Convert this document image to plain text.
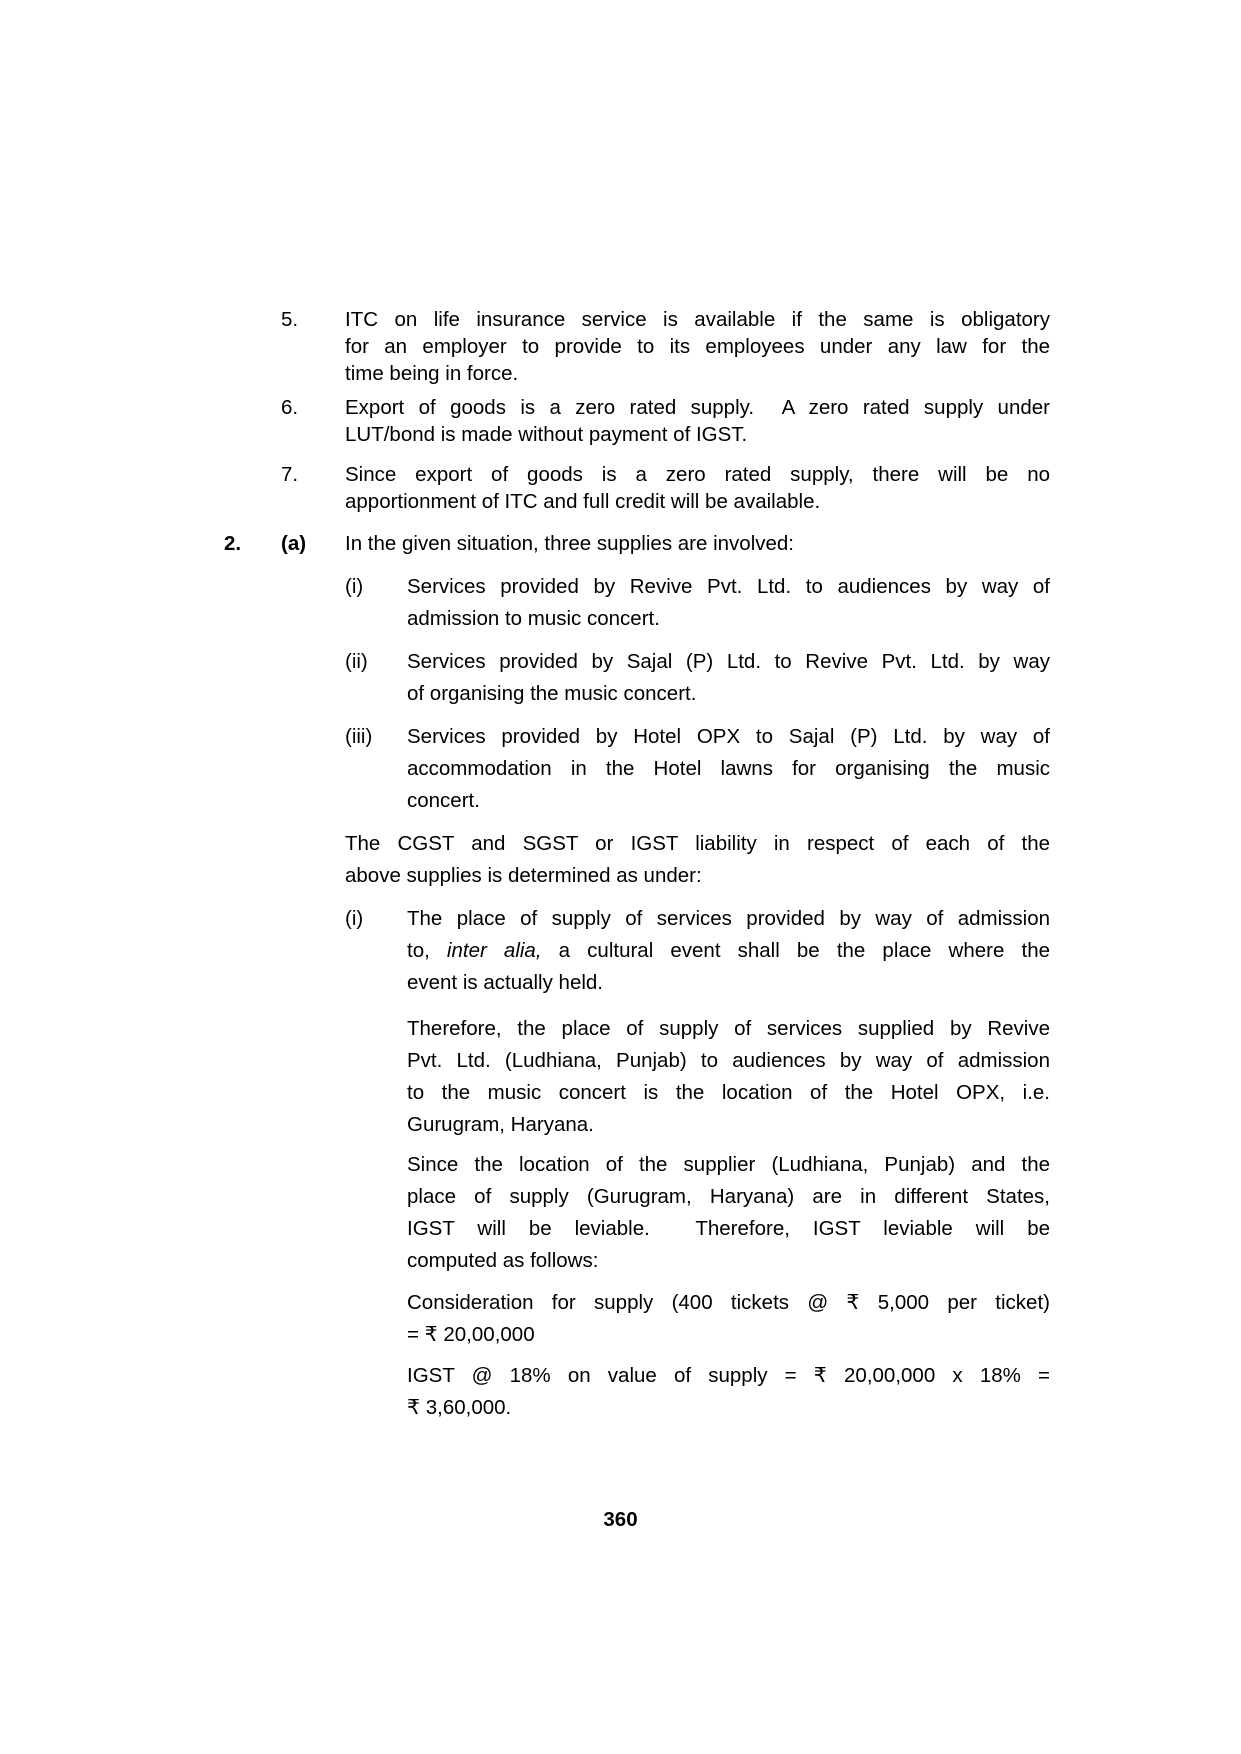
5.	ITC on life insurance service is available if the same is obligatory
for an employer to provide to its employees under any law for the
time being in force.
6.	Export of goods is a zero rated supply.  A zero rated supply under
LUT/bond is made without payment of IGST.
7.	Since export of goods is a zero rated supply, there will be no
apportionment of ITC and full credit will be available.
2.	(a)	In the given situation, three supplies are involved:
(i)	Services provided by Revive Pvt. Ltd. to audiences by way of
admission to music concert.
(ii)	Services provided by Sajal (P) Ltd. to Revive Pvt. Ltd. by way
of organising the music concert.
(iii)	Services provided by Hotel OPX to Sajal (P) Ltd. by way of
accommodation in the Hotel lawns for organising the music
concert.
The CGST and SGST or IGST liability in respect of each of the
above supplies is determined as under:
(i)	The place of supply of services provided by way of admission
to, inter alia, a cultural event shall be the place where the
event is actually held.
Therefore, the place of supply of services supplied by Revive
Pvt. Ltd. (Ludhiana, Punjab) to audiences by way of admission
to the music concert is the location of the Hotel OPX, i.e.
Gurugram, Haryana.
Since the location of the supplier (Ludhiana, Punjab) and the
place of supply (Gurugram, Haryana) are in different States,
IGST will be leviable.  Therefore, IGST leviable will be
computed as follows:
Consideration for supply (400 tickets @ ₹ 5,000 per ticket)
= ₹ 20,00,000
IGST @ 18% on value of supply = ₹ 20,00,000 x 18% =
₹ 3,60,000.
360
